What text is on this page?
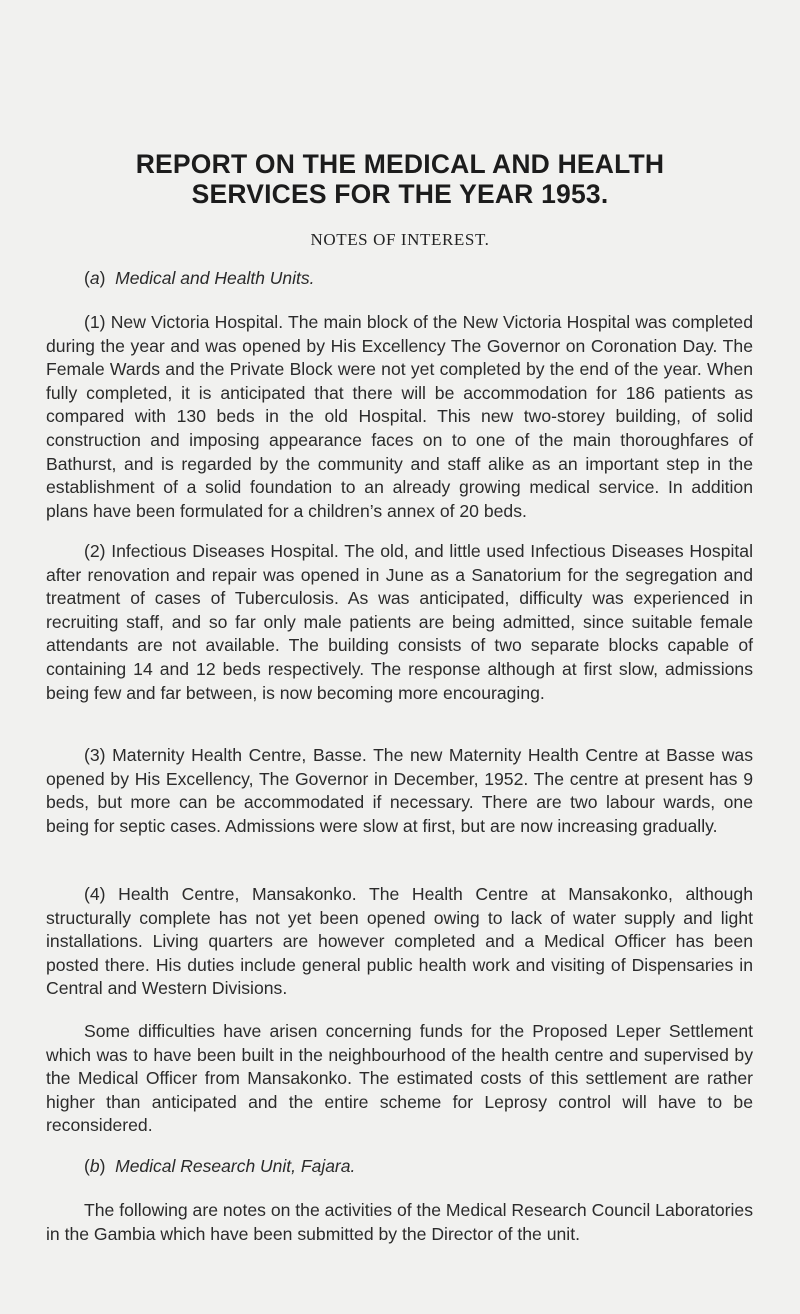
REPORT ON THE MEDICAL AND HEALTH
SERVICES FOR THE YEAR 1953.
NOTES OF INTEREST.
(a) Medical and Health Units.

(1) New Victoria Hospital. The main block of the New Victoria Hospital was completed during the year and was opened by His Excellency The Governor on Coronation Day. The Female Wards and the Private Block were not yet completed by the end of the year. When fully completed, it is anticipated that there will be accommodation for 186 patients as compared with 130 beds in the old Hospital. This new two-storey building, of solid construction and imposing appearance faces on to one of the main thoroughfares of Bathurst, and is regarded by the community and staff alike as an important step in the establishment of a solid foundation to an already growing medical service. In addition plans have been formulated for a children’s annex of 20 beds.

(2) Infectious Diseases Hospital. The old, and little used Infectious Diseases Hospital after renovation and repair was opened in June as a Sanatorium for the segregation and treatment of cases of Tuberculosis. As was anticipated, difficulty was experienced in recruiting staff, and so far only male patients are being admitted, since suitable female attendants are not available. The building consists of two separate blocks capable of containing 14 and 12 beds respectively. The response although at first slow, admissions being few and far between, is now becoming more encouraging.

(3) Maternity Health Centre, Basse. The new Maternity Health Centre at Basse was opened by His Excellency, The Governor in December, 1952. The centre at present has 9 beds, but more can be accommodated if necessary. There are two labour wards, one being for septic cases. Admissions were slow at first, but are now increasing gradually.

(4) Health Centre, Mansakonko. The Health Centre at Mansakonko, although structurally complete has not yet been opened owing to lack of water supply and light installations. Living quarters are however completed and a Medical Officer has been posted there. His duties include general public health work and visiting of Dispensaries in Central and Western Divisions.

Some difficulties have arisen concerning funds for the Proposed Leper Settlement which was to have been built in the neighbourhood of the health centre and supervised by the Medical Officer from Mansakonko. The estimated costs of this settlement are rather higher than anticipated and the entire scheme for Leprosy control will have to be reconsidered.

(b) Medical Research Unit, Fajara.

The following are notes on the activities of the Medical Research Council Laboratories in the Gambia which have been submitted by the Director of the unit.
